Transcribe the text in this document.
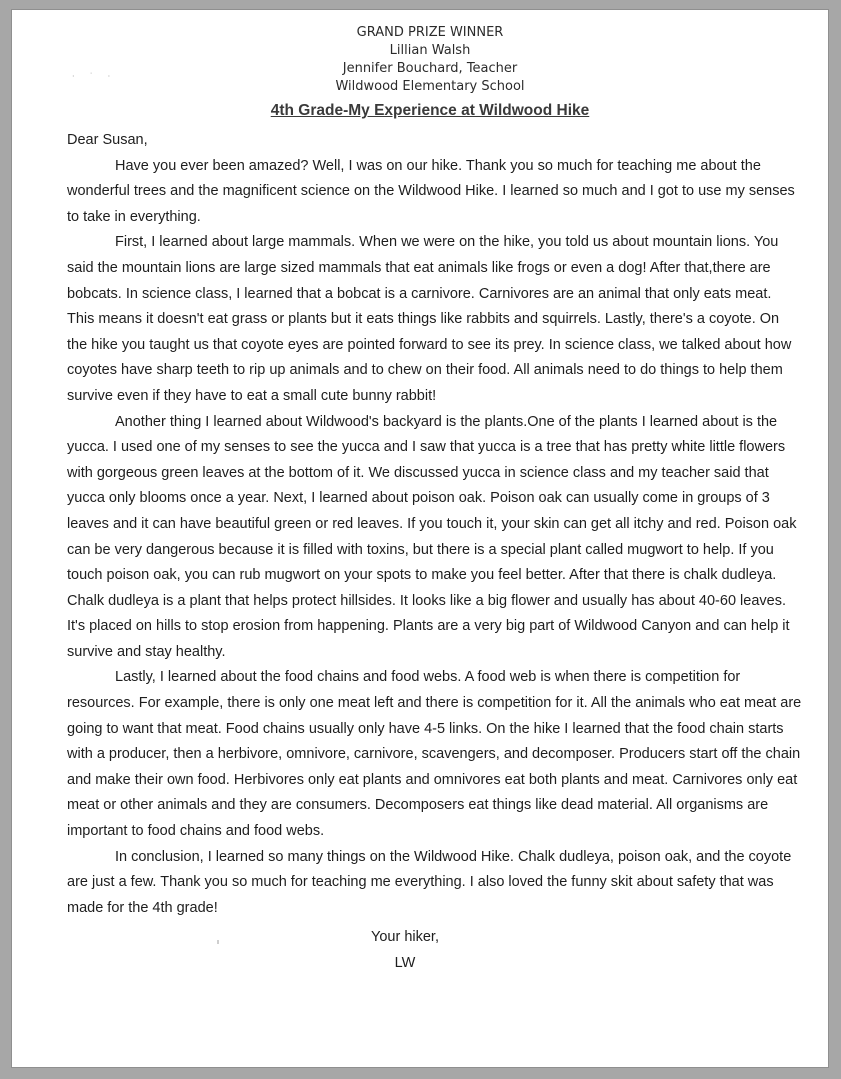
· ˙ ·
GRAND PRIZE WINNER
Lillian Walsh
Jennifer Bouchard, Teacher
Wildwood Elementary School
4th Grade-My Experience at Wildwood Hike

Dear Susan,

Have you ever been amazed? Well, I was on our hike. Thank you so much for teaching me about the wonderful trees and the magnificent science on the Wildwood Hike. I learned so much and I got to use my senses to take in everything.

First, I learned about large mammals. When we were on the hike, you told us about mountain lions. You said the mountain lions are large sized mammals that eat animals like frogs or even a dog! After that,there are bobcats. In science class, I learned that a bobcat is a carnivore. Carnivores are an animal that only eats meat. This means it doesn't eat grass or plants but it eats things like rabbits and squirrels. Lastly, there's a coyote. On the hike you taught us that coyote eyes are pointed forward to see its prey. In science class, we talked about how coyotes have sharp teeth to rip up animals and to chew on their food. All animals need to do things to help them survive even if they have to eat a small cute bunny rabbit!

Another thing I learned about Wildwood's backyard is the plants.One of the plants I learned about is the yucca. I used one of my senses to see the yucca and I saw that yucca is a tree that has pretty white little flowers with gorgeous green leaves at the bottom of it. We discussed yucca in science class and my teacher said that yucca only blooms once a year. Next, I learned about poison oak. Poison oak can usually come in groups of 3 leaves and it can have beautiful green or red leaves. If you touch it, your skin can get all itchy and red. Poison oak can be very dangerous because it is filled with toxins, but there is a special plant called mugwort to help. If you touch poison oak, you can rub mugwort on your spots to make you feel better. After that there is chalk dudleya. Chalk dudleya is a plant that helps protect hillsides. It looks like a big flower and usually has about 40-60 leaves. It's placed on hills to stop erosion from happening. Plants are a very big part of Wildwood Canyon and can help it survive and stay healthy.

Lastly, I learned about the food chains and food webs. A food web is when there is competition for resources. For example, there is only one meat left and there is competition for it. All the animals who eat meat are going to want that meat. Food chains usually only have 4-5 links. On the hike I learned that the food chain starts with a producer, then a herbivore, omnivore, carnivore, scavengers, and decomposer. Producers start off the chain and make their own food. Herbivores only eat plants and omnivores eat both plants and meat. Carnivores only eat meat or other animals and they are consumers. Decomposers eat things like dead material. All organisms are important to food chains and food webs.

In conclusion, I learned so many things on the Wildwood Hike. Chalk dudleya, poison oak, and the coyote are just a few. Thank you so much for teaching me everything. I also loved the funny skit about safety that was made for the 4th grade!

Your hiker,
LW
